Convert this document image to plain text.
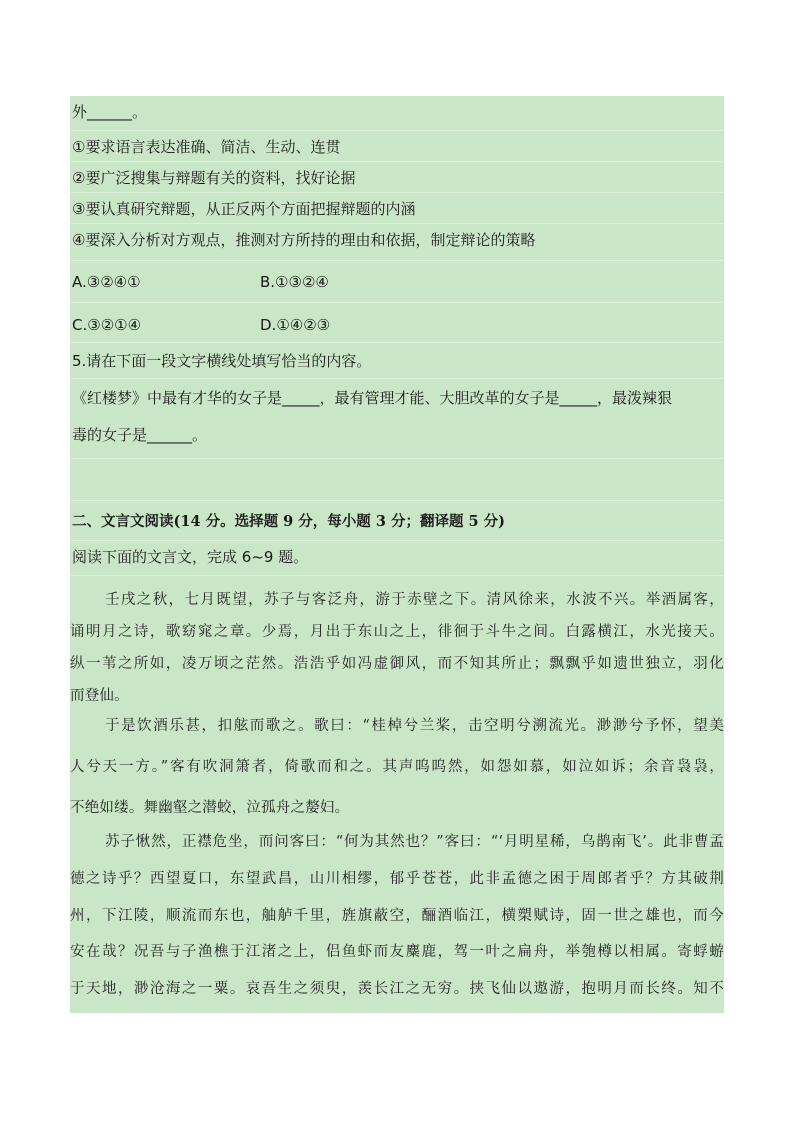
外______。
①要求语言表达准确、简洁、生动、连贯
②要广泛搜集与辩题有关的资料，找好论据
③要认真研究辩题，从正反两个方面把握辩题的内涵
④要深入分析对方观点，推测对方所持的理由和依据，制定辩论的策略
A.③②④①	B.①③②④
C.③②①④	D.①④②③
5.请在下面一段文字横线处填写恰当的内容。
《红楼梦》中最有才华的女子是_____，最有管理才能、大胆改革的女子是_____，最泼辣狠
毒的女子是______。
二、文言文阅读(14 分。选择题 9 分，每小题 3 分；翻译题 5 分)
阅读下面的文言文，完成 6~9 题。
壬戌之秋，七月既望，苏子与客泛舟，游于赤壁之下。清风徐来，水波不兴。举酒属客，
诵明月之诗，歌窈窕之章。少焉，月出于东山之上，徘徊于斗牛之间。白露横江，水光接天。
纵一苇之所如，凌万顷之茫然。浩浩乎如冯虚御风，而不知其所止；飘飘乎如遗世独立，羽化
而登仙。
于是饮酒乐甚，扣舷而歌之。歌曰：“桂棹兮兰桨，击空明兮溯流光。渺渺兮予怀，望美
人兮天一方。”客有吹洞箫者，倚歌而和之。其声呜呜然，如怨如慕，如泣如诉；余音袅袅，
不绝如缕。舞幽壑之潜蛟，泣孤舟之嫠妇。
苏子愀然，正襟危坐，而问客曰：“何为其然也？”客曰：“‘月明星稀，乌鹊南飞’。此非曹孟
德之诗乎？西望夏口，东望武昌，山川相缪，郁乎苍苍，此非孟德之困于周郎者乎？方其破荆
州，下江陵，顺流而东也，舳舻千里，旌旗蔽空，酾酒临江，横槊赋诗，固一世之雄也，而今
安在哉？况吾与子渔樵于江渚之上，侣鱼虾而友麋鹿，驾一叶之扁舟，举匏樽以相属。寄蜉蝣
于天地，渺沧海之一粟。哀吾生之须臾，羡长江之无穷。挟飞仙以遨游，抱明月而长终。知不
